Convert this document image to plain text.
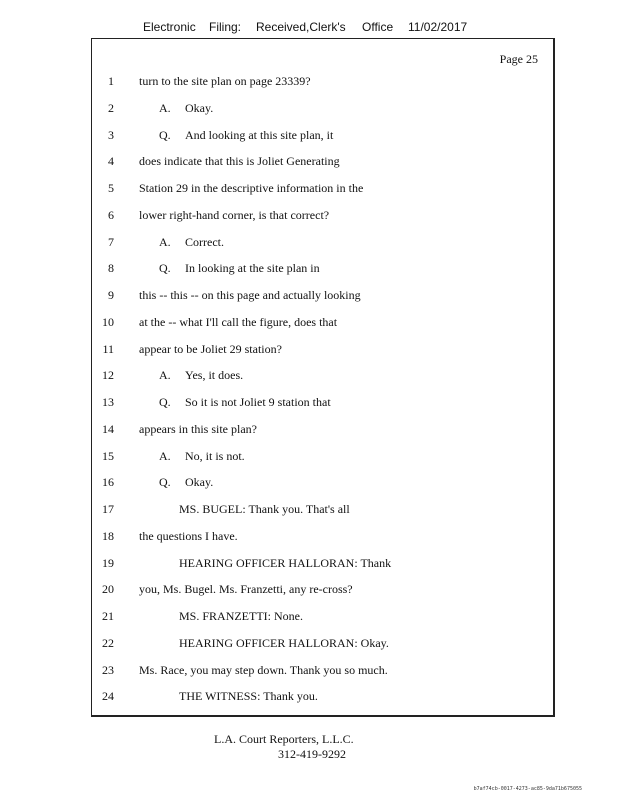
Electronic Filing: Received,Clerk's Office 11/02/2017
Page 25
1 turn to the site plan on page 23339?
2	A. Okay.
3	Q. And looking at this site plan, it
4 does indicate that this is Joliet Generating
5 Station 29 in the descriptive information in the
6 lower right-hand corner, is that correct?
7	A. Correct.
8	Q. In looking at the site plan in
9 this -- this -- on this page and actually looking
10 at the -- what I'll call the figure, does that
11 appear to be Joliet 29 station?
12	A. Yes, it does.
13	Q. So it is not Joliet 9 station that
14 appears in this site plan?
15	A. No, it is not.
16	Q. Okay.
17	MS. BUGEL: Thank you. That's all
18 the questions I have.
19	HEARING OFFICER HALLORAN: Thank
20 you, Ms. Bugel. Ms. Franzetti, any re-cross?
21	MS. FRANZETTI: None.
22	HEARING OFFICER HALLORAN: Okay.
23 Ms. Race, you may step down. Thank you so much.
24	THE WITNESS: Thank you.
L.A. Court Reporters, L.L.C.
312-419-9292
b7af74cb-0017-4273-ac85-9da71b675055
